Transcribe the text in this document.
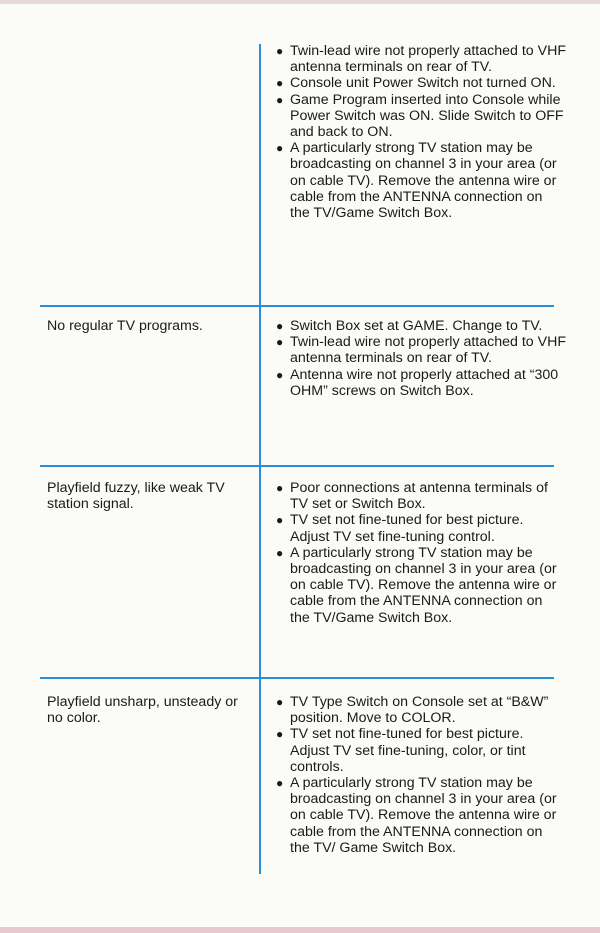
● Twin-lead wire not properly attached to VHF antenna terminals on rear of TV.
● Console unit Power Switch not turned ON.
● Game Program inserted into Console while Power Switch was ON. Slide Switch to OFF and back to ON.
● A particularly strong TV station may be broadcasting on channel 3 in your area (or on cable TV). Remove the antenna wire or cable from the ANTENNA connection on the TV/Game Switch Box.

No regular TV programs.	● Switch Box set at GAME. Change to TV.
● Twin-lead wire not properly attached to VHF antenna terminals on rear of TV.
● Antenna wire not properly attached at “300 OHM” screws on Switch Box.

Playfield fuzzy, like weak TV station signal.

● Poor connections at antenna terminals of TV set or Switch Box.
● TV set not fine-tuned for best picture. Adjust TV set fine-tuning control.
● A particularly strong TV station may be broadcasting on channel 3 in your area (or on cable TV). Remove the antenna wire or cable from the ANTENNA connection on the TV/Game Switch Box.

Playfield unsharp, unsteady or no color.

● TV Type Switch on Console set at “B&W” position. Move to COLOR.
● TV set not fine-tuned for best picture. Adjust TV set fine-tuning, color, or tint controls.
● A particularly strong TV station may be broadcasting on channel 3 in your area (or on cable TV). Remove the antenna wire or cable from the ANTENNA connection on the TV/ Game Switch Box.
